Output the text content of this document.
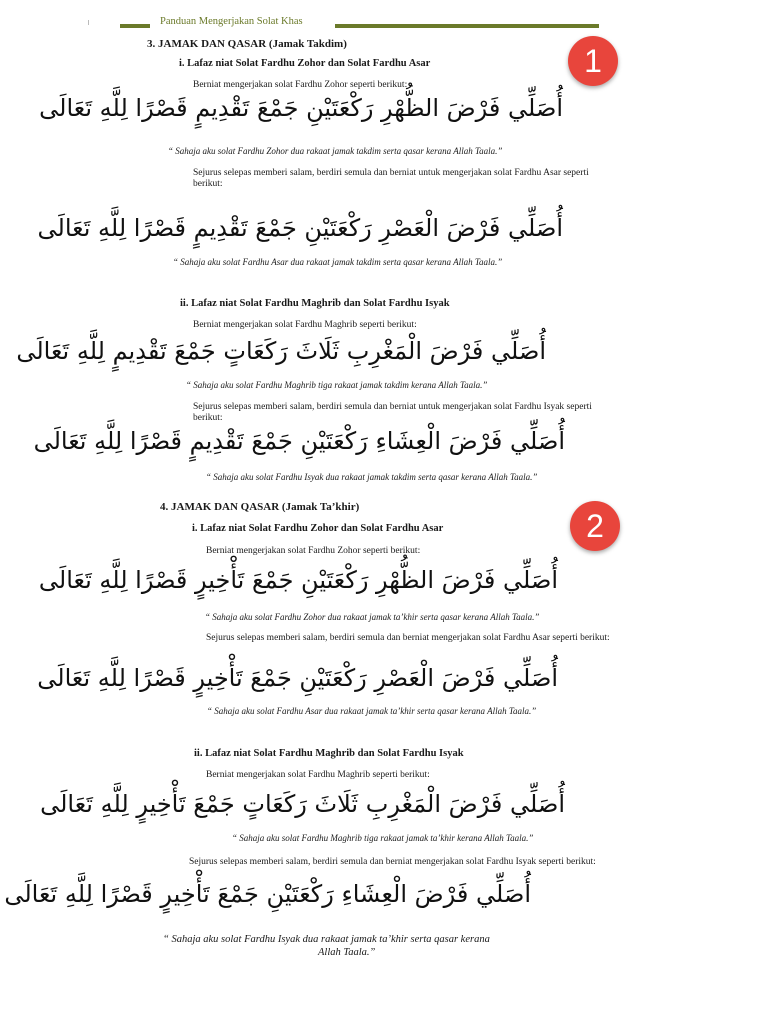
Panduan Mengerjakan Solat Khas
1
2
3. JAMAK DAN QASAR (Jamak Takdim)
i. Lafaz niat Solat Fardhu Zohor dan Solat Fardhu Asar
Berniat mengerjakan solat Fardhu Zohor seperti berikut:
أُصَلِّي فَرْضَ الظُّهْرِ رَكْعَتَيْنِ جَمْعَ تَقْدِيمٍ قَصْرًا لِلَّهِ تَعَالَى
“ Sahaja aku solat Fardhu Zohor dua rakaat jamak takdim serta qasar kerana Allah Taala.”
Sejurus selepas memberi salam, berdiri semula dan berniat untuk mengerjakan solat Fardhu Asar seperti berikut:
أُصَلِّي فَرْضَ الْعَصْرِ رَكْعَتَيْنِ جَمْعَ تَقْدِيمٍ قَصْرًا لِلَّهِ تَعَالَى
“ Sahaja aku solat Fardhu Asar dua rakaat jamak takdim serta qasar kerana Allah Taala.”
ii. Lafaz niat Solat Fardhu Maghrib dan Solat Fardhu Isyak
Berniat mengerjakan solat Fardhu Maghrib seperti berikut:
أُصَلِّي فَرْضَ الْمَغْرِبِ ثَلَاثَ رَكَعَاتٍ جَمْعَ تَقْدِيمٍ لِلَّهِ تَعَالَى
“ Sahaja aku solat Fardhu Maghrib tiga rakaat jamak takdim kerana Allah Taala.”
Sejurus selepas memberi salam, berdiri semula dan berniat untuk mengerjakan solat Fardhu Isyak seperti berikut:
أُصَلِّي فَرْضَ الْعِشَاءِ رَكْعَتَيْنِ جَمْعَ تَقْدِيمٍ قَصْرًا لِلَّهِ تَعَالَى
“ Sahaja aku solat Fardhu Isyak dua rakaat jamak takdim serta qasar kerana Allah Taala.”
4. JAMAK DAN QASAR (Jamak Ta’khir)
i. Lafaz niat Solat Fardhu Zohor dan Solat Fardhu Asar
Berniat mengerjakan solat Fardhu Zohor seperti berikut:
أُصَلِّي فَرْضَ الظُّهْرِ رَكْعَتَيْنِ جَمْعَ تَأْخِيرٍ قَصْرًا لِلَّهِ تَعَالَى
“ Sahaja aku solat Fardhu Zohor dua rakaat jamak ta’khir serta qasar kerana Allah Taala.”
Sejurus selepas memberi salam, berdiri semula dan berniat mengerjakan solat Fardhu Asar seperti berikut:
أُصَلِّي فَرْضَ الْعَصْرِ رَكْعَتَيْنِ جَمْعَ تَأْخِيرٍ قَصْرًا لِلَّهِ تَعَالَى
“ Sahaja aku solat Fardhu Asar dua rakaat jamak ta’khir serta qasar kerana Allah Taala.”
ii. Lafaz niat Solat Fardhu Maghrib dan Solat Fardhu Isyak
Berniat mengerjakan solat Fardhu Maghrib seperti berikut:
أُصَلِّي فَرْضَ الْمَغْرِبِ ثَلَاثَ رَكَعَاتٍ جَمْعَ تَأْخِيرٍ لِلَّهِ تَعَالَى
“ Sahaja aku solat Fardhu Maghrib tiga rakaat jamak ta’khir kerana Allah Taala.”
Sejurus selepas memberi salam, berdiri semula dan berniat mengerjakan solat Fardhu Isyak seperti berikut:
أُصَلِّي فَرْضَ الْعِشَاءِ رَكْعَتَيْنِ جَمْعَ تَأْخِيرٍ قَصْرًا لِلَّهِ تَعَالَى
“ Sahaja aku solat Fardhu Isyak dua rakaat jamak ta’khir serta qasar kerana
Allah Taala.”
